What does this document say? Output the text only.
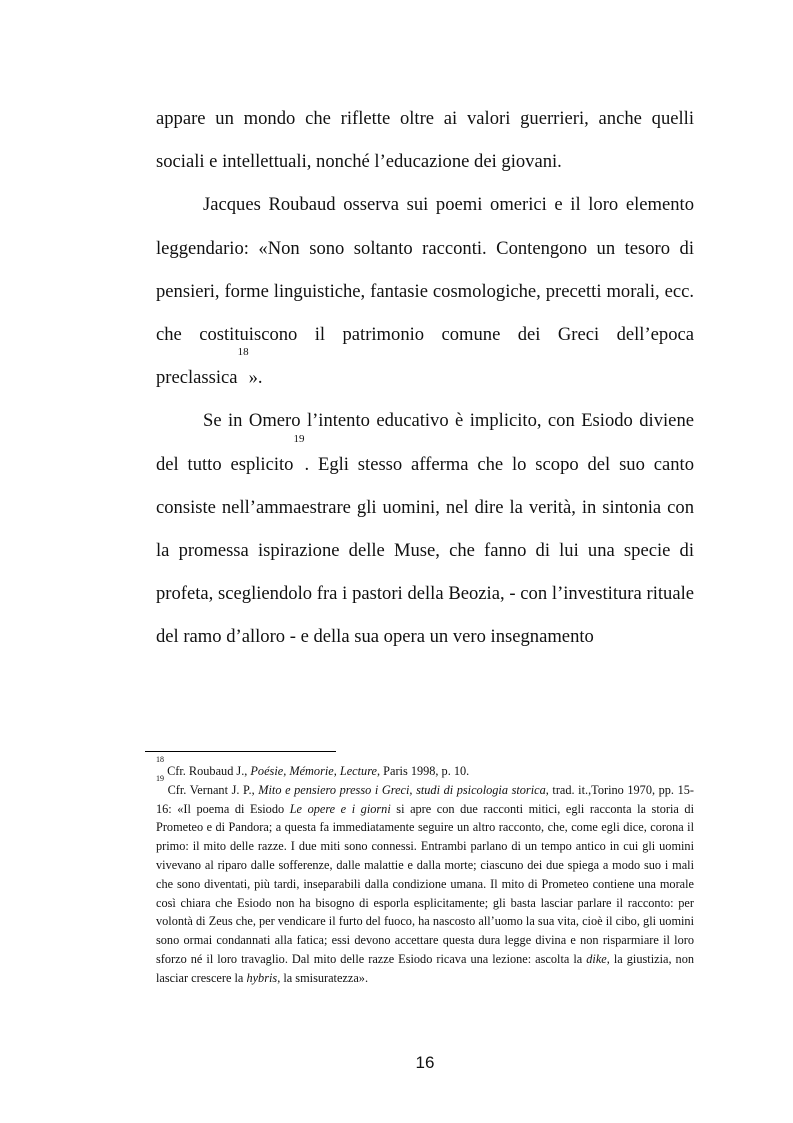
appare un mondo che riflette oltre ai valori guerrieri, anche quelli sociali e intellettuali, nonché l’educazione dei giovani.

Jacques Roubaud osserva sui poemi omerici e il loro elemento leggendario: «Non sono soltanto racconti. Contengono un tesoro di pensieri, forme linguistiche, fantasie cosmologiche, precetti morali, ecc. che costituiscono il patrimonio comune dei Greci dell’epoca preclassica$^{18}$».

Se in Omero l’intento educativo è implicito, con Esiodo diviene del tutto esplicito$^{19}$. Egli stesso afferma che lo scopo del suo canto consiste nell’ammaestrare gli uomini, nel dire la verità, in sintonia con la promessa ispirazione delle Muse, che fanno di lui una specie di profeta, scegliendolo fra i pastori della Beozia, - con l’investitura rituale del ramo d’alloro - e della sua opera un vero insegnamento

$^{18}$ Cfr. Roubaud J., Poésie, Mémorie, Lecture, Paris 1998, p. 10.

$^{19}$ Cfr. Vernant J. P., Mito e pensiero presso i Greci, studi di psicologia storica, trad. it.,Torino 1970, pp. 15-16: «Il poema di Esiodo Le opere e i giorni si apre con due racconti mitici, egli racconta la storia di Prometeo e di Pandora; a questa fa immediatamente seguire un altro racconto, che, come egli dice, corona il primo: il mito delle razze. I due miti sono connessi. Entrambi parlano di un tempo antico in cui gli uomini vivevano al riparo dalle sofferenze, dalle malattie e dalla morte; ciascuno dei due spiega a modo suo i mali che sono diventati, più tardi, inseparabili dalla condizione umana. Il mito di Prometeo contiene una morale così chiara che Esiodo non ha bisogno di esporla esplicitamente; gli basta lasciar parlare il racconto: per volontà di Zeus che, per vendicare il furto del fuoco, ha nascosto all’uomo la sua vita, cioè il cibo, gli uomini sono ormai condannati alla fatica; essi devono accettare questa dura legge divina e non risparmiare il loro sforzo né il loro travaglio. Dal mito delle razze Esiodo ricava una lezione: ascolta la dike, la giustizia, non lasciar crescere la hybris, la smisuratezza».

16
